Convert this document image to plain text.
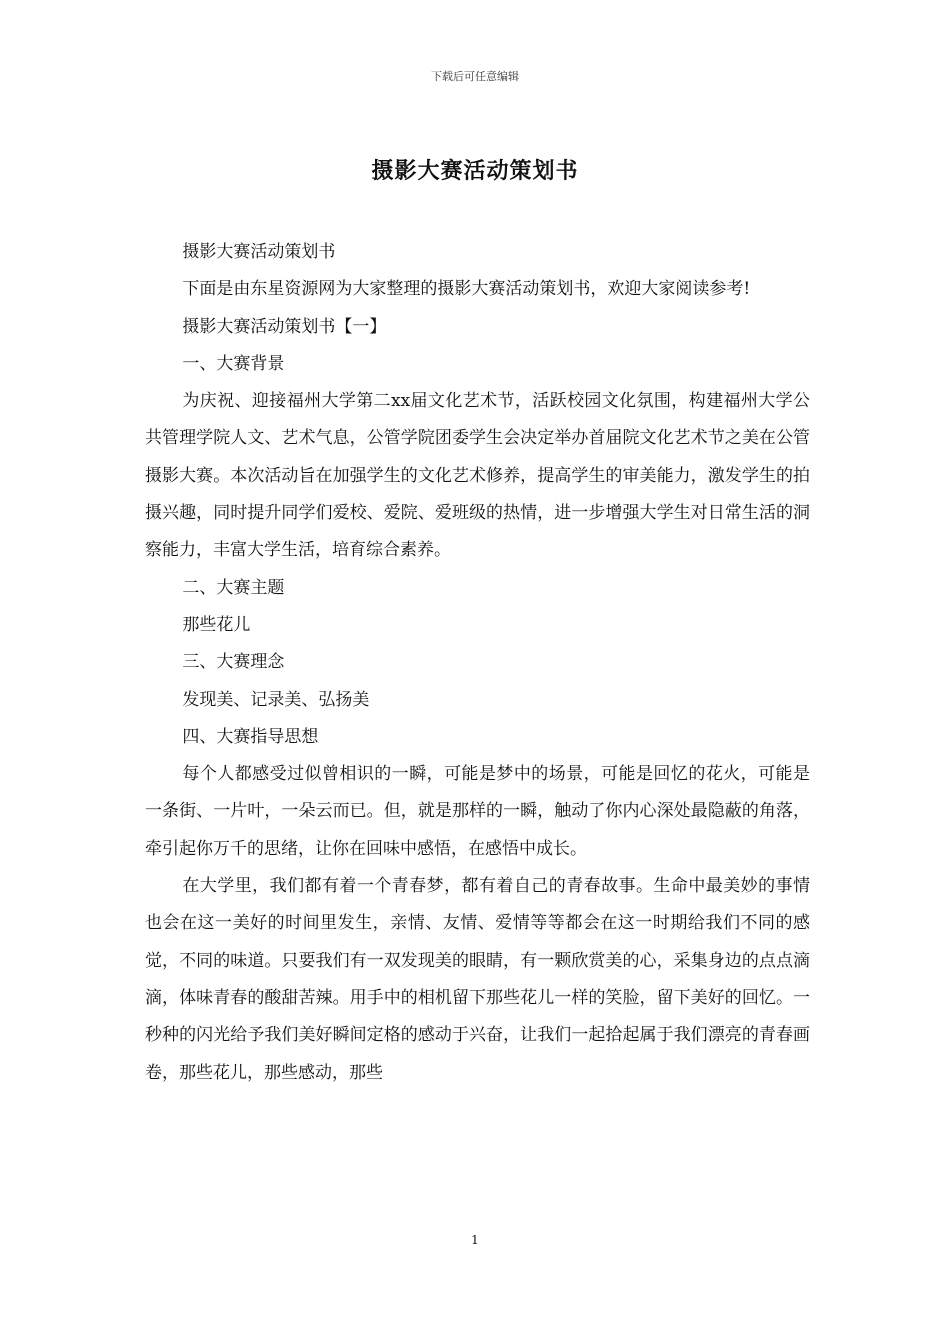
下载后可任意编辑
摄影大赛活动策划书

摄影大赛活动策划书

下面是由东星资源网为大家整理的摄影大赛活动策划书，欢迎大家阅读参考!

摄影大赛活动策划书【一】

一、大赛背景

为庆祝、迎接福州大学第二xx届文化艺术节，活跃校园文化氛围，构建福州大学公共管理学院人文、艺术气息，公管学院团委学生会决定举办首届院文化艺术节之美在公管摄影大赛。本次活动旨在加强学生的文化艺术修养，提高学生的审美能力，激发学生的拍摄兴趣，同时提升同学们爱校、爱院、爱班级的热情，进一步增强大学生对日常生活的洞察能力，丰富大学生活，培育综合素养。

二、大赛主题

那些花儿

三、大赛理念

发现美、记录美、弘扬美

四、大赛指导思想

每个人都感受过似曾相识的一瞬，可能是梦中的场景，可能是回忆的花火，可能是一条街、一片叶，一朵云而已。但，就是那样的一瞬，触动了你内心深处最隐蔽的角落，牵引起你万千的思绪，让你在回味中感悟，在感悟中成长。

在大学里，我们都有着一个青春梦，都有着自己的青春故事。生命中最美妙的事情也会在这一美好的时间里发生，亲情、友情、爱情等等都会在这一时期给我们不同的感觉，不同的味道。只要我们有一双发现美的眼睛，有一颗欣赏美的心，采集身边的点点滴滴，体味青春的酸甜苦辣。用手中的相机留下那些花儿一样的笑脸，留下美好的回忆。一秒种的闪光给予我们美好瞬间定格的感动于兴奋，让我们一起拾起属于我们漂亮的青春画卷，那些花儿，那些感动，那些

1
